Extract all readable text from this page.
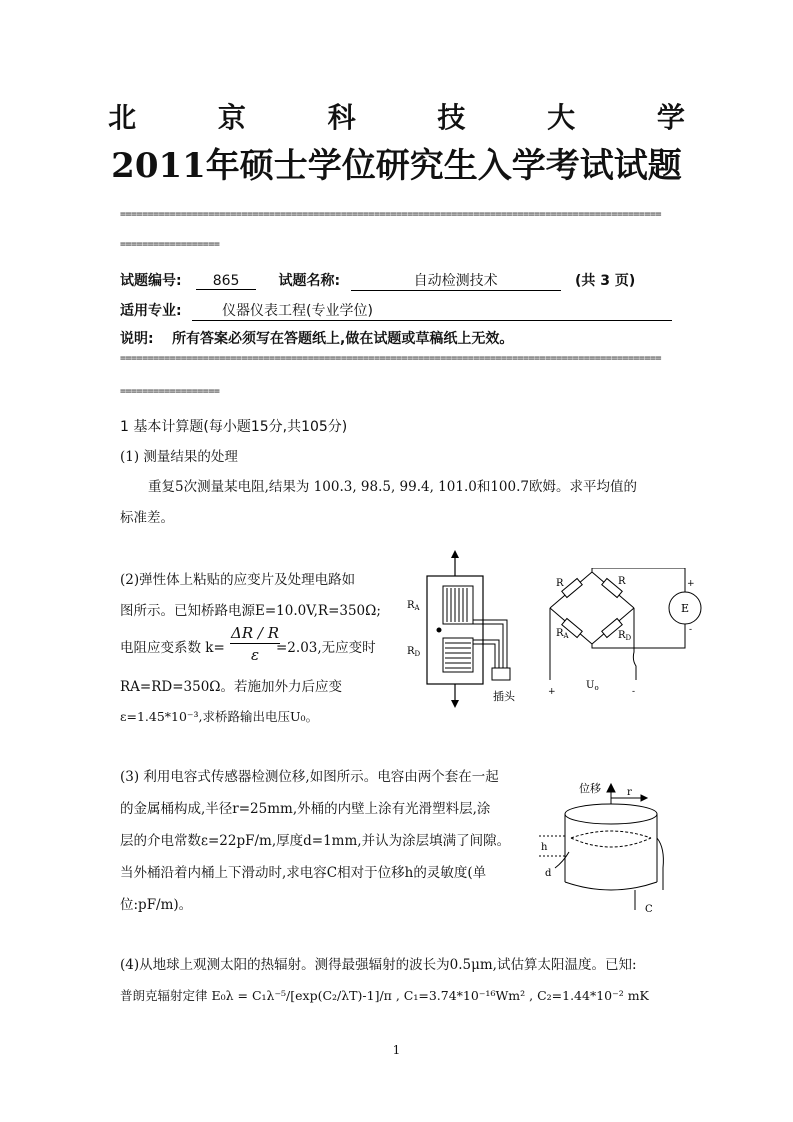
北 京 科 技 大 学
2011年硕士学位研究生入学考试试题
==================================================================================================
==================
试题编号: 865	试题名称:	自动检测技术	(共 3 页)
适用专业:	仪器仪表工程(专业学位)
说明: 所有答案必须写在答题纸上,做在试题或草稿纸上无效。
==================================================================================================
==================
1 基本计算题(每小题15分,共105分)
(1) 测量结果的处理
重复5次测量某电阻,结果为 100.3, 98.5, 99.4, 101.0和100.7欧姆。求平均值的
标准差。
(2)弹性体上粘贴的应变片及处理电路如
图所示。已知桥路电源E=10.0V,R=350Ω;
电阻应变系数 $k= \frac{\Delta R / R}{\varepsilon}$
=2.03,无应变时
RA=RD=350Ω。若施加外力后应变
ε=1.45*10⁻³,求桥路输出电压U₀。
$R_A$
$R_D$
插头
R	R
$R_A$	$R_D$
E
+
-
+
$U_o$	-
(3) 利用电容式传感器检测位移,如图所示。电容由两个套在一起
的金属桶构成,半径r=25mm,外桶的内壁上涂有光滑塑料层,涂
层的介电常数ε=22pF/m,厚度d=1mm,并认为涂层填满了间隙。
当外桶沿着内桶上下滑动时,求电容C相对于位移h的灵敏度(单
位:pF/m)。
位移	r
h
d
C
(4)从地球上观测太阳的热辐射。测得最强辐射的波长为0.5μm,试估算太阳温度。已知:
普朗克辐射定律 E₀λ = C₁λ⁻⁵/[exp(C₂/λT)-1]/π , C₁=3.74*10⁻¹⁶Wm² , C₂=1.44*10⁻² mK
1
